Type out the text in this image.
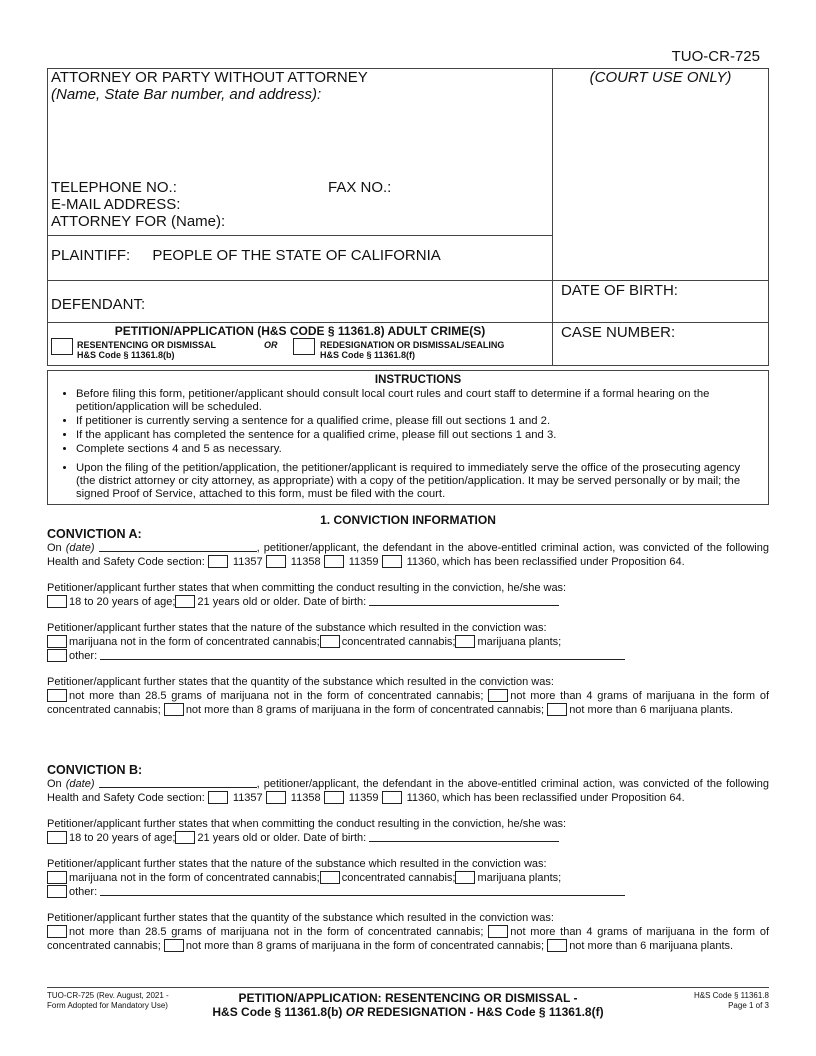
TUO-CR-725
ATTORNEY OR PARTY WITHOUT ATTORNEY
(Name, State Bar number, and address):
TELEPHONE NO.:	FAX NO.:
E-MAIL ADDRESS:
ATTORNEY FOR (Name):
PLAINTIFF: PEOPLE OF THE STATE OF CALIFORNIA
DEFENDANT:
PETITION/APPLICATION (H&S CODE § 11361.8) ADULT CRIME(S)
RESENTENCING OR DISMISSAL
H&S Code § 11361.8(b)
OR	REDESIGNATION OR DISMISSAL/SEALING
H&S Code § 11361.8(f)
(COURT USE ONLY)
DATE OF BIRTH:
CASE NUMBER:
INSTRUCTIONS
• Before filing this form, petitioner/applicant should consult local court rules and court staff to determine if a formal hearing on the petition/application will be scheduled.
• If petitioner is currently serving a sentence for a qualified crime, please fill out sections 1 and 2.
• If the applicant has completed the sentence for a qualified crime, please fill out sections 1 and 3.
• Complete sections 4 and 5 as necessary.
• Upon the filing of the petition/application, the petitioner/applicant is required to immediately serve the office of the prosecuting agency (the district attorney or city attorney, as appropriate) with a copy of the petition/application. It may be served personally or by mail; the signed Proof of Service, attached to this form, must be filed with the court.
1. CONVICTION INFORMATION
CONVICTION A:

On (date)	, petitioner/applicant, the defendant in the above-entitled criminal action, was convicted of the following Health and Safety Code section:  11357	11358	11359	11360, which has been reclassified under Proposition 64.

Petitioner/applicant further states that when committing the conduct resulting in the conviction, he/she was:

18 to 20 years of age; 21 years old or older. Date of birth:

Petitioner/applicant further states that the nature of the substance which resulted in the conviction was:

marijuana not in the form of concentrated cannabis; concentrated cannabis; marijuana plants;

other:

Petitioner/applicant further states that the quantity of the substance which resulted in the conviction was:

not more than 28.5 grams of marijuana not in the form of concentrated cannabis; not more than 4 grams of marijuana in the form of concentrated cannabis; not more than 8 grams of marijuana in the form of concentrated cannabis; not more than 6 marijuana plants.

CONVICTION B:

On (date)	, petitioner/applicant, the defendant in the above-entitled criminal action, was convicted of the following Health and Safety Code section:  11357	11358	11359	11360, which has been reclassified under Proposition 64.

Petitioner/applicant further states that when committing the conduct resulting in the conviction, he/she was:

18 to 20 years of age; 21 years old or older. Date of birth:

Petitioner/applicant further states that the nature of the substance which resulted in the conviction was:

marijuana not in the form of concentrated cannabis; concentrated cannabis; marijuana plants;

other:

Petitioner/applicant further states that the quantity of the substance which resulted in the conviction was:

not more than 28.5 grams of marijuana not in the form of concentrated cannabis; not more than 4 grams of marijuana in the form of concentrated cannabis; not more than 8 grams of marijuana in the form of concentrated cannabis; not more than 6 marijuana plants.

TUO-CR-725 (Rev. August, 2021 -
Form Adopted for Mandatory Use)
PETITION/APPLICATION: RESENTENCING OR DISMISSAL -
H&S Code § 11361.8(b) OR REDESIGNATION - H&S Code § 11361.8(f)
H&S Code § 11361.8
Page 1 of 3
